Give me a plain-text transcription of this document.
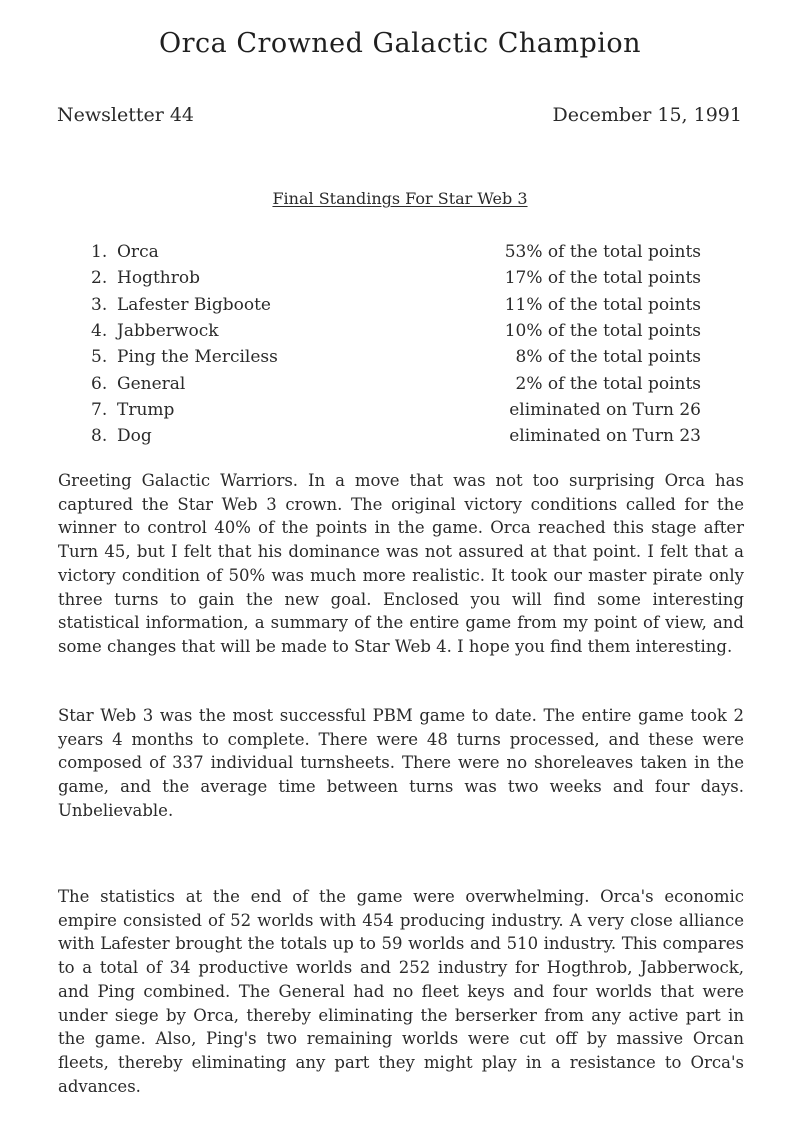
Orca Crowned Galactic Champion
Newsletter 44	December 15, 1991
Final Standings For Star Web 3
1. Orca	53% of the total points
2. Hogthrob	17% of the total points
3. Lafester Bigboote	11% of the total points
4. Jabberwock	10% of the total points
5. Ping the Merciless	8% of the total points
6. General	2% of the total points
7. Trump	eliminated on Turn 26
8. Dog	eliminated on Turn 23

Greeting Galactic Warriors. In a move that was not too surprising Orca has captured the Star Web 3 crown. The original victory conditions called for the winner to control 40% of the points in the game. Orca reached this stage after Turn 45, but I felt that his dominance was not assured at that point. I felt that a victory condition of 50% was much more realistic. It took our master pirate only three turns to gain the new goal. Enclosed you will find some interesting statistical information, a summary of the entire game from my point of view, and some changes that will be made to Star Web 4. I hope you find them interesting.

Star Web 3 was the most successful PBM game to date. The entire game took 2 years 4 months to complete. There were 48 turns processed, and these were composed of 337 individual turnsheets. There were no shoreleaves taken in the game, and the average time between turns was two weeks and four days. Unbelievable.

The statistics at the end of the game were overwhelming. Orca's economic empire consisted of 52 worlds with 454 producing industry. A very close alliance with Lafester brought the totals up to 59 worlds and 510 industry. This compares to a total of 34 productive worlds and 252 industry for Hogthrob, Jabberwock, and Ping combined. The General had no fleet keys and four worlds that were under siege by Orca, thereby eliminating the berserker from any active part in the game. Also, Ping's two remaining worlds were cut off by massive Orcan fleets, thereby eliminating any part they might play in a resistance to Orca's advances.
